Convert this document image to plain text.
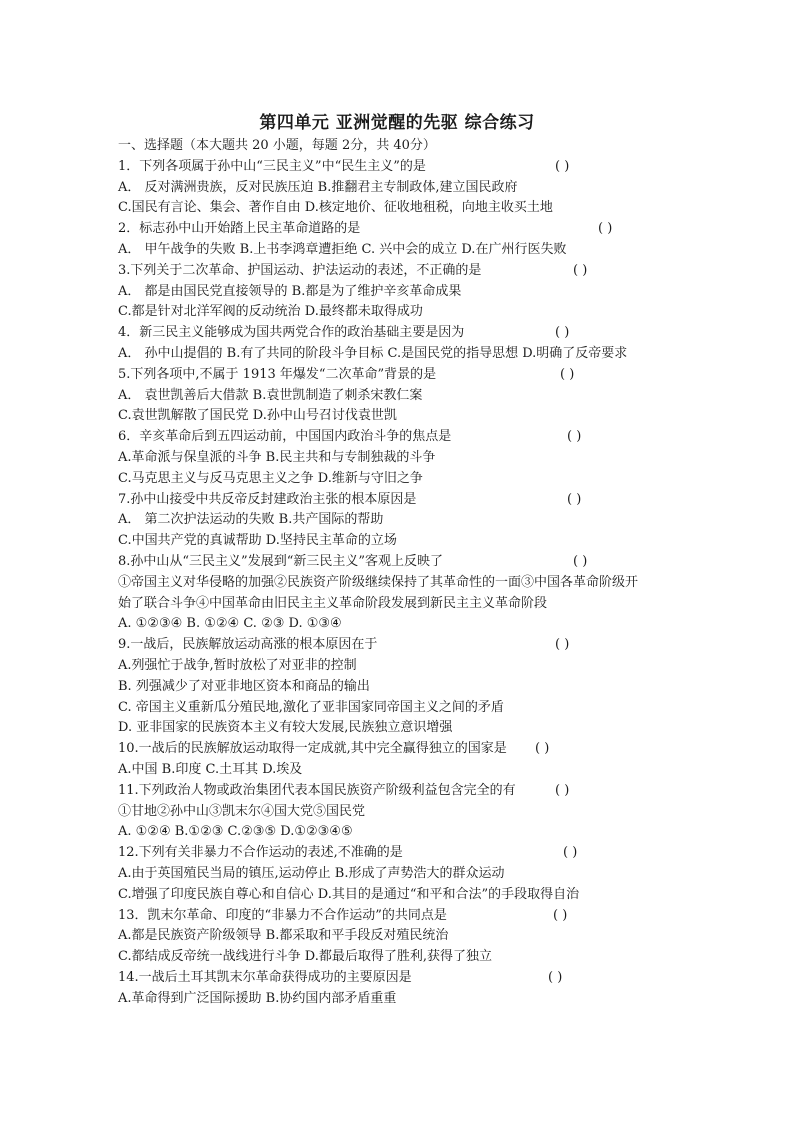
第四单元 亚洲觉醒的先驱 综合练习
一、选择题（本大题共 20 小题，每题 2分，共 40分）
1．下列各项属于孙中山“三民主义”中“民生主义”的是	( )
A． 反对满洲贵族，反对民族压迫 B.推翻君主专制政体,建立国民政府
C.国民有言论、集会、著作自由 D.核定地价、征收地租税，向地主收买土地
2．标志孙中山开始踏上民主革命道路的是	( )
A． 甲午战争的失败 B.上书李鸿章遭拒绝 C. 兴中会的成立 D.在广州行医失败
3.下列关于二次革命、护国运动、护法运动的表述，不正确的是	( )
A． 都是由国民党直接领导的 B.都是为了维护辛亥革命成果
C.都是针对北洋军阀的反动统治 D.最终都未取得成功
4．新三民主义能够成为国共两党合作的政治基础主要是因为	( )
A． 孙中山提倡的 B.有了共同的阶段斗争目标 C.是国民党的指导思想 D.明确了反帝要求
5.下列各项中,不属于 1913 年爆发“二次革命”背景的是	( )
A． 袁世凯善后大借款 B.袁世凯制造了刺杀宋教仁案
C.袁世凯解散了国民党 D.孙中山号召讨伐袁世凯
6．辛亥革命后到五四运动前，中国国内政治斗争的焦点是	( )
A.革命派与保皇派的斗争 B.民主共和与专制独裁的斗争
C.马克思主义与反马克思主义之争 D.维新与守旧之争
7.孙中山接受中共反帝反封建政治主张的根本原因是	( )
A． 第二次护法运动的失败 B.共产国际的帮助
C.中国共产党的真诚帮助 D.坚持民主革命的立场
8.孙中山从“三民主义”发展到“新三民主义”客观上反映了	( )
①帝国主义对华侵略的加强②民族资产阶级继续保持了其革命性的一面③中国各革命阶级开
始了联合斗争④中国革命由旧民主主义革命阶段发展到新民主主义革命阶段
A. ①②③④ B. ①②④ C. ②③ D. ①③④
9.一战后，民族解放运动高涨的根本原因在于	( )
A.列强忙于战争,暂时放松了对亚非的控制
B. 列强减少了对亚非地区资本和商品的输出
C. 帝国主义重新瓜分殖民地,激化了亚非国家同帝国主义之间的矛盾
D. 亚非国家的民族资本主义有较大发展,民族独立意识增强
10.一战后的民族解放运动取得一定成就,其中完全赢得独立的国家是 ( )
A.中国 B.印度 C.土耳其 D.埃及
11.下列政治人物或政治集团代表本国民族资产阶级利益包含完全的有	( )
①甘地②孙中山③凯末尔④国大党⑤国民党
A. ①②④ B.①②③ C.②③⑤ D.①②③④⑤
12.下列有关非暴力不合作运动的表述,不准确的是	( )
A.由于英国殖民当局的镇压,运动停止 B.形成了声势浩大的群众运动
C.增强了印度民族自尊心和自信心 D.其目的是通过“和平和合法”的手段取得自治
13．凯末尔革命、印度的“非暴力不合作运动”的共同点是	( )
A.都是民族资产阶级领导 B.都采取和平手段反对殖民统治
C.都结成反帝统一战线进行斗争 D.都最后取得了胜利,获得了独立
14.一战后土耳其凯末尔革命获得成功的主要原因是	( )
A.革命得到广泛国际援助 B.协约国内部矛盾重重
